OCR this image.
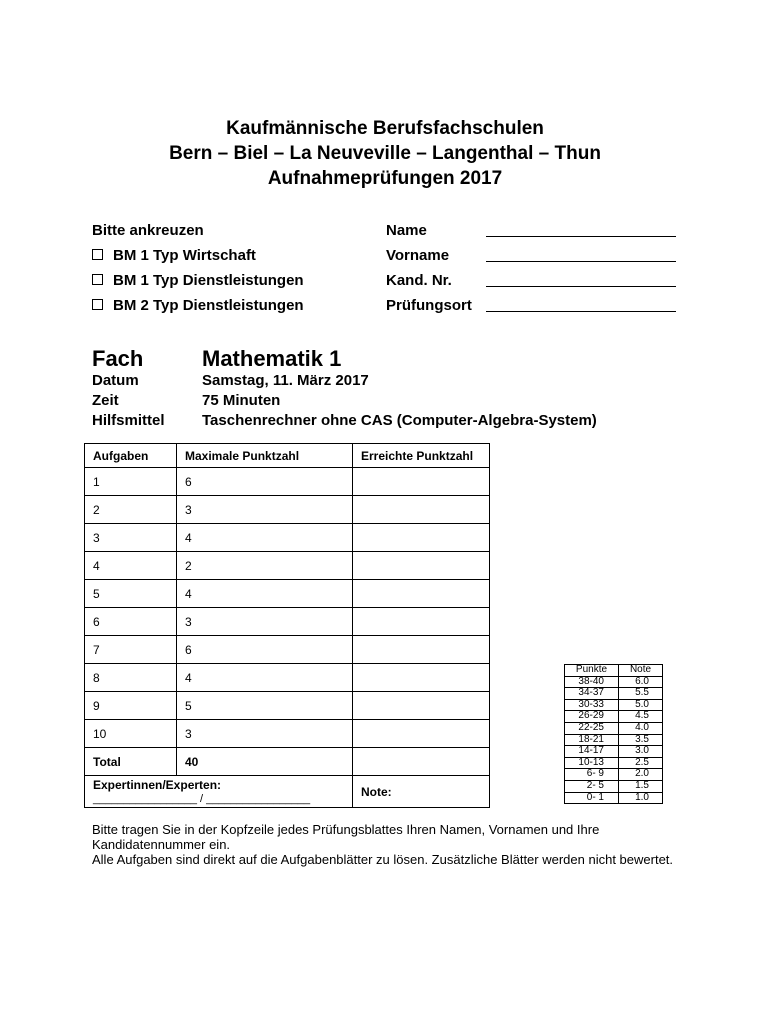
Kaufmännische Berufsfachschulen
Bern – Biel – La Neuveville – Langenthal – Thun
Aufnahmeprüfungen 2017
Bitte ankreuzen
BM 1 Typ Wirtschaft
BM 1 Typ Dienstleistungen
BM 2 Typ Dienstleistungen
Name
Vorname
Kand. Nr.
Prüfungsort
Fach	Mathematik 1
Datum	Samstag, 11. März 2017
Zeit	75 Minuten
Hilfsmittel Taschenrechner ohne CAS (Computer-Algebra-System)
Aufgaben	Maximale Punktzahl	Erreichte Punktzahl
1	6	
2	3	
3	4	
4	2	
5	4	
6	3	
7	6	
8	4	
9	5	
10	3	
Total	40	

Expertinnen/Experten:
_________________ / _________________		Note:
Punkte	Note
38-40	6.0
34-37	5.5
30-33	5.0
26-29	4.5
22-25	4.0
18-21	3.5
14-17	3.0
10-13	2.5
6- 9	2.0
2- 5	1.5
0- 1	1.0
Bitte tragen Sie in der Kopfzeile jedes Prüfungsblattes Ihren Namen, Vornamen und Ihre Kandidatennummer ein.
Alle Aufgaben sind direkt auf die Aufgabenblätter zu lösen. Zusätzliche Blätter werden nicht bewertet.
